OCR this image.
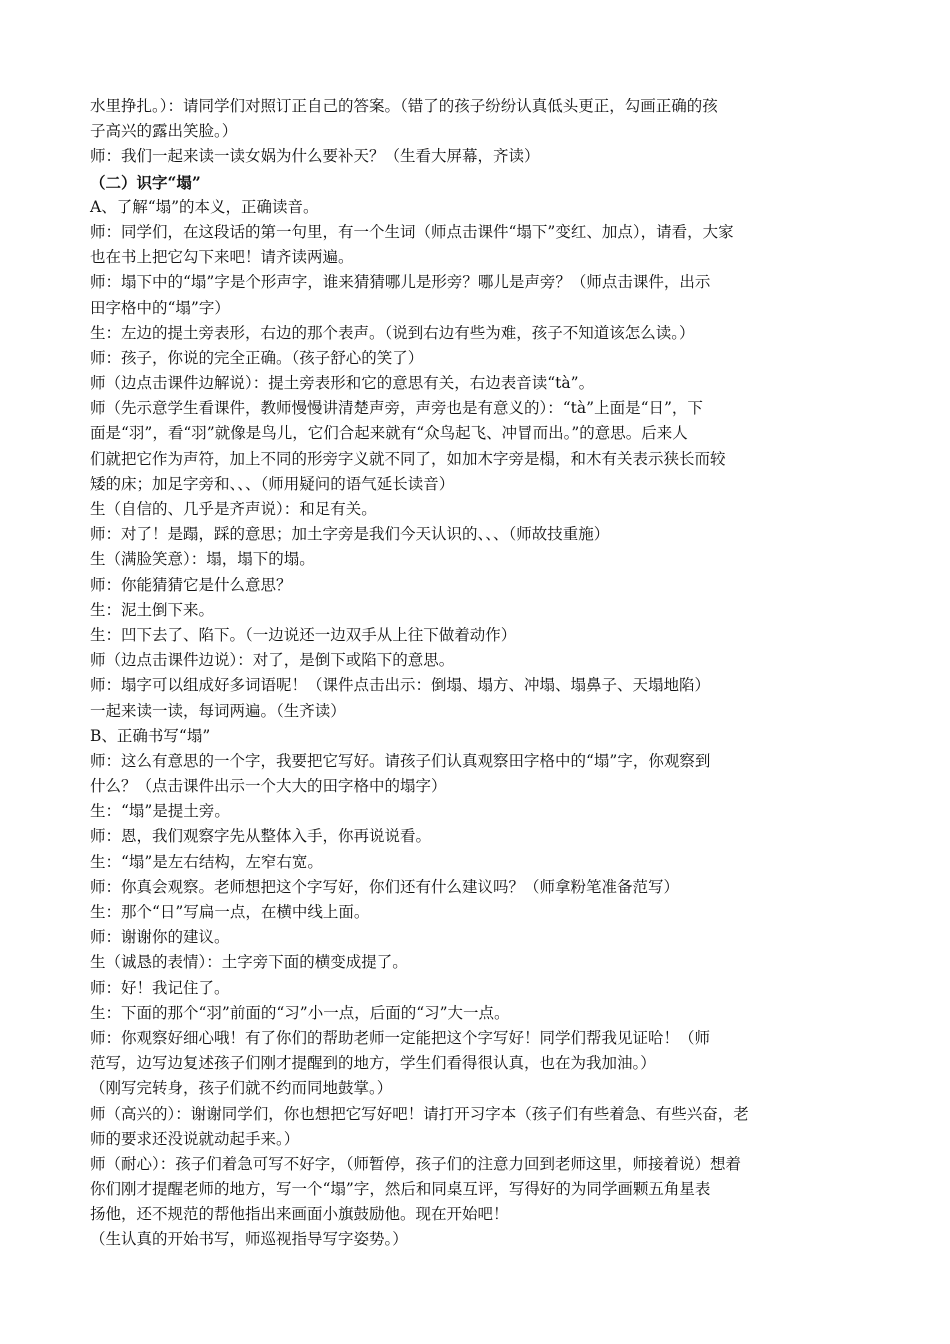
水里挣扎。）：请同学们对照订正自己的答案。（错了的孩子纷纷认真低头更正，勾画正确的孩
子高兴的露出笑脸。）
师：我们一起来读一读女娲为什么要补天？（生看大屏幕，齐读）
（二）识字“塌”
A、了解“塌”的本义，正确读音。
师：同学们，在这段话的第一句里，有一个生词（师点击课件“塌下”变红、加点），请看，大家
也在书上把它勾下来吧！请齐读两遍。
师：塌下中的“塌”字是个形声字，谁来猜猜哪儿是形旁？哪儿是声旁？（师点击课件，出示
田字格中的“塌”字）
生：左边的提土旁表形，右边的那个表声。（说到右边有些为难，孩子不知道该怎么读。）
师：孩子，你说的完全正确。（孩子舒心的笑了）
师（边点击课件边解说）：提土旁表形和它的意思有关，右边表音读“tà”。
师（先示意学生看课件，教师慢慢讲清楚声旁，声旁也是有意义的）：“tà”上面是“日”，下
面是“羽”，看“羽”就像是鸟儿，它们合起来就有“众鸟起飞、冲冒而出。”的意思。后来人
们就把它作为声符，加上不同的形旁字义就不同了，如加木字旁是榻，和木有关表示狭长而较
矮的床；加足字旁和、、、（师用疑问的语气延长读音）
生（自信的、几乎是齐声说）：和足有关。
师：对了！是蹋，踩的意思；加土字旁是我们今天认识的、、、（师故技重施）
生（满脸笑意）：塌，塌下的塌。
师：你能猜猜它是什么意思？
生：泥土倒下来。
生：凹下去了、陷下。（一边说还一边双手从上往下做着动作）
师（边点击课件边说）：对了，是倒下或陷下的意思。
师：塌字可以组成好多词语呢！（课件点击出示：倒塌、塌方、冲塌、塌鼻子、天塌地陷）
一起来读一读，每词两遍。（生齐读）
B、正确书写“塌”
师：这么有意思的一个字，我要把它写好。请孩子们认真观察田字格中的“塌”字，你观察到
什么？（点击课件出示一个大大的田字格中的塌字）
生：“塌”是提土旁。
师：恩，我们观察字先从整体入手，你再说说看。
生：“塌”是左右结构，左窄右宽。
师：你真会观察。老师想把这个字写好，你们还有什么建议吗？（师拿粉笔准备范写）
生：那个“日”写扁一点，在横中线上面。
师：谢谢你的建议。
生（诚恳的表情）：土字旁下面的横变成提了。
师：好！我记住了。
生：下面的那个“羽”前面的“习”小一点，后面的“习”大一点。
师：你观察好细心哦！有了你们的帮助老师一定能把这个字写好！同学们帮我见证哈！（师
范写，边写边复述孩子们刚才提醒到的地方，学生们看得很认真，也在为我加油。）
（刚写完转身，孩子们就不约而同地鼓掌。）
师（高兴的）：谢谢同学们，你也想把它写好吧！请打开习字本（孩子们有些着急、有些兴奋，老
师的要求还没说就动起手来。）
师（耐心）：孩子们着急可写不好字，（师暂停，孩子们的注意力回到老师这里，师接着说）想着
你们刚才提醒老师的地方，写一个“塌”字，然后和同桌互评，写得好的为同学画颗五角星表
扬他，还不规范的帮他指出来画面小旗鼓励他。现在开始吧！
（生认真的开始书写，师巡视指导写字姿势。）
